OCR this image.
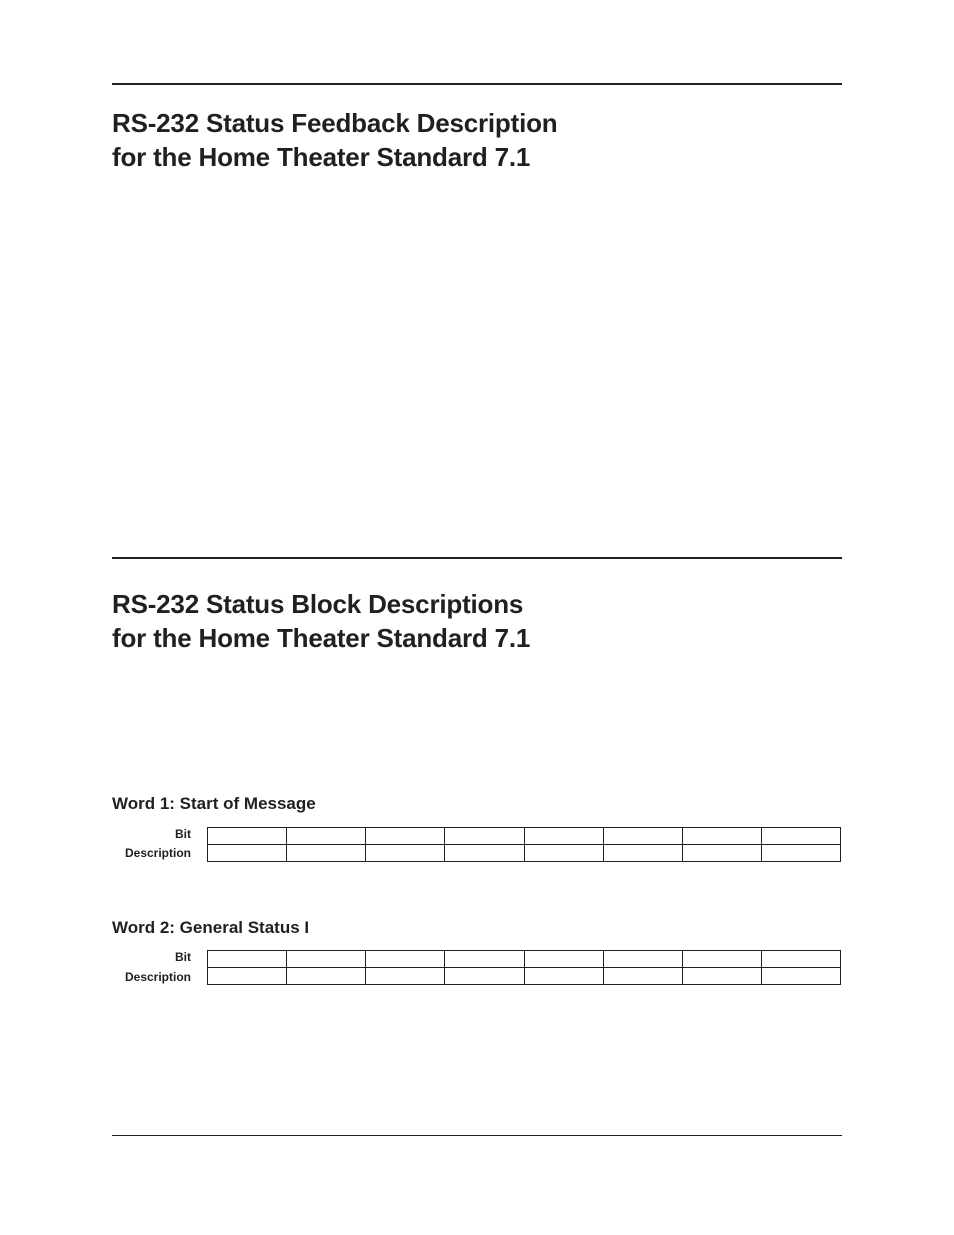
RS-232 Status Feedback Description
for the Home Theater Standard 7.1
RS-232 Status Block Descriptions
for the Home Theater Standard 7.1
Word 1: Start of Message
Bit
Description

Word 2: General Status I
Bit
Description
